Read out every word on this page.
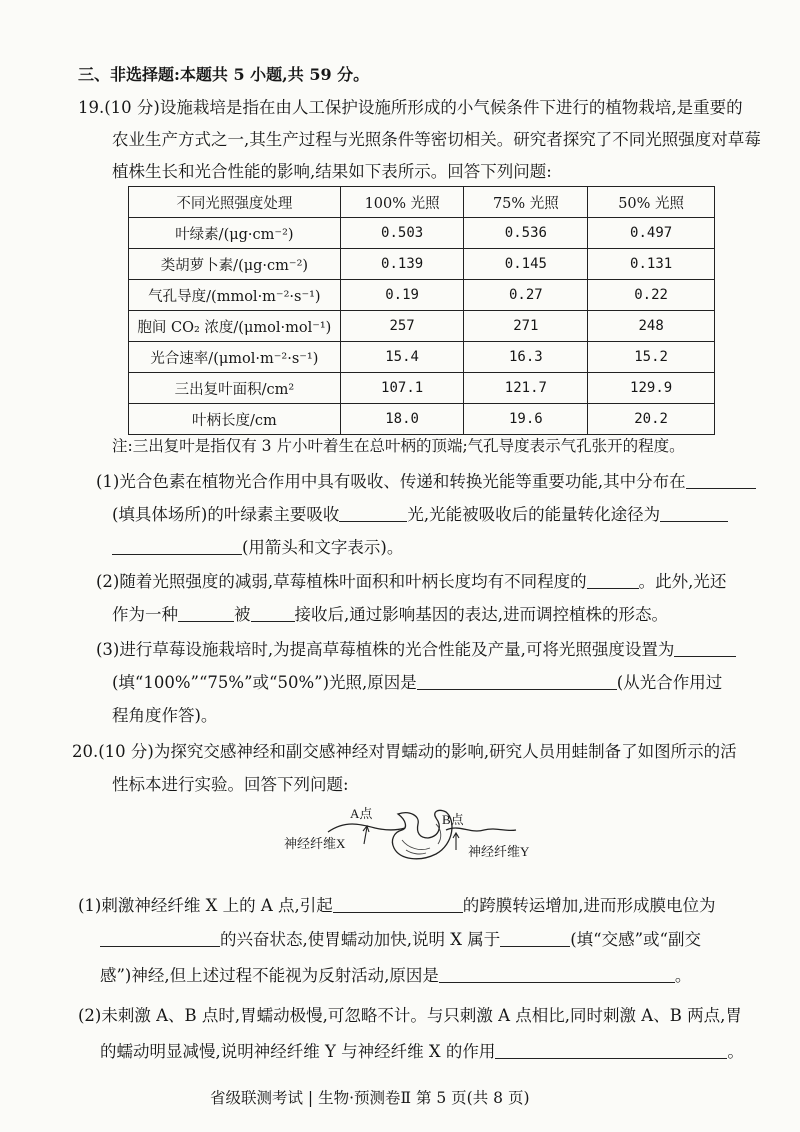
三、非选择题:本题共 5 小题,共 59 分。
19.(10 分)设施栽培是指在由人工保护设施所形成的小气候条件下进行的植物栽培,是重要的
农业生产方式之一,其生产过程与光照条件等密切相关。研究者探究了不同光照强度对草莓
植株生长和光合性能的影响,结果如下表所示。回答下列问题:
不同光照强度处理	100% 光照	75% 光照	50% 光照
叶绿素/(μg·cm⁻²)	0.503	0.536	0.497
类胡萝卜素/(μg·cm⁻²)	0.139	0.145	0.131
气孔导度/(mmol·m⁻²·s⁻¹)	0.19	0.27	0.22
胞间 CO₂ 浓度/(μmol·mol⁻¹)	257	271	248
光合速率/(μmol·m⁻²·s⁻¹)	15.4	16.3	15.2
三出复叶面积/cm²	107.1	121.7	129.9
叶柄长度/cm	18.0	19.6	20.2
注:三出复叶是指仅有 3 片小叶着生在总叶柄的顶端;气孔导度表示气孔张开的程度。
(1)光合色素在植物光合作用中具有吸收、传递和转换光能等重要功能,其中分布在
(填具体场所)的叶绿素主要吸收	光,光能被吸收后的能量转化途径为
(用箭头和文字表示)。
(2)随着光照强度的减弱,草莓植株叶面积和叶柄长度均有不同程度的	。此外,光还
作为一种	被	接收后,通过影响基因的表达,进而调控植株的形态。
(3)进行草莓设施栽培时,为提高草莓植株的光合性能及产量,可将光照强度设置为
(填“100%”“75%”或“50%”)光照,原因是	(从光合作用过
程角度作答)。
20.(10 分)为探究交感神经和副交感神经对胃蠕动的影响,研究人员用蛙制备了如图所示的活
性标本进行实验。回答下列问题:
A点	B点
神经纤维X
神经纤维Y
(1)刺激神经纤维 X 上的 A 点,引起	的跨膜转运增加,进而形成膜电位为
的兴奋状态,使胃蠕动加快,说明 X 属于	(填“交感”或“副交
感”)神经,但上述过程不能视为反射活动,原因是	。
(2)未刺激 A、B 点时,胃蠕动极慢,可忽略不计。与只刺激 A 点相比,同时刺激 A、B 两点,胃
的蠕动明显减慢,说明神经纤维 Y 与神经纤维 X 的作用	。
省级联测考试 | 生物·预测卷Ⅱ 第 5 页(共 8 页)
